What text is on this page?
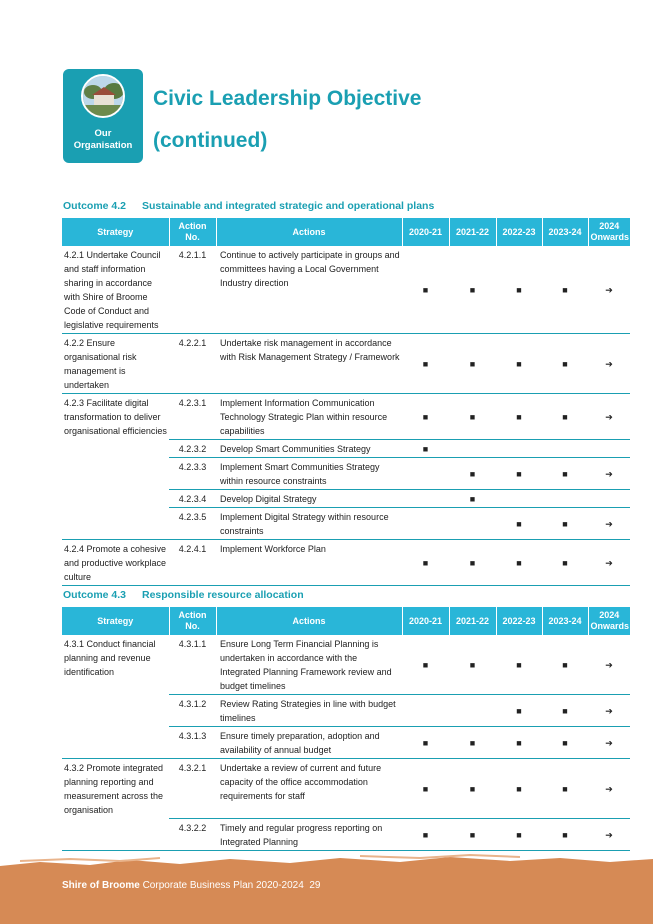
Our
Organisation
Civic Leadership Objective
(continued)
Outcome 4.2 Sustainable and integrated strategic and operational plans
Strategy	Action No.	Actions	2020-21	2021-22	2022-23	2023-24	2024 Onwards
4.2.1 Undertake Council and staff information sharing in accordance with Shire of Broome Code of Conduct and legislative requirements	4.2.1.1	Continue to actively participate in groups and committees having a Local Government Industry direction	■	■	■	■	➔
4.2.2 Ensure organisational risk management is undertaken	4.2.2.1	Undertake risk management in accordance with Risk Management Strategy / Framework	■	■	■	■	➔
4.2.3 Facilitate digital transformation to deliver organisational efficiencies	4.2.3.1	Implement Information Communication Technology Strategic Plan within resource capabilities	■	■	■	■	➔
	4.2.3.2	Develop Smart Communities Strategy	■				
	4.2.3.3	Implement Smart Communities Strategy within resource constraints		■	■	■	➔
	4.2.3.4	Develop Digital Strategy		■			
	4.2.3.5	Implement Digital Strategy within resource constraints			■	■	➔
4.2.4 Promote a cohesive and productive workplace culture	4.2.4.1	Implement Workforce Plan	■	■	■	■	➔
Outcome 4.3 Responsible resource allocation
Strategy	Action No.	Actions	2020-21	2021-22	2022-23	2023-24	2024 Onwards
4.3.1 Conduct financial planning and revenue identification	4.3.1.1	Ensure Long Term Financial Planning is undertaken in accordance with the Integrated Planning Framework review and budget timelines	■	■	■	■	➔
	4.3.1.2	Review Rating Strategies in line with budget timelines			■	■	➔
	4.3.1.3	Ensure timely preparation, adoption and availability of annual budget	■	■	■	■	➔
4.3.2 Promote integrated planning reporting and measurement across the organisation	4.3.2.1	Undertake a review of current and future capacity of the office accommodation requirements for staff	■	■	■	■	➔
	4.3.2.2	Timely and regular progress reporting on Integrated Planning	■	■	■	■	➔
Shire of Broome Corporate Business Plan 2020-2024 29
